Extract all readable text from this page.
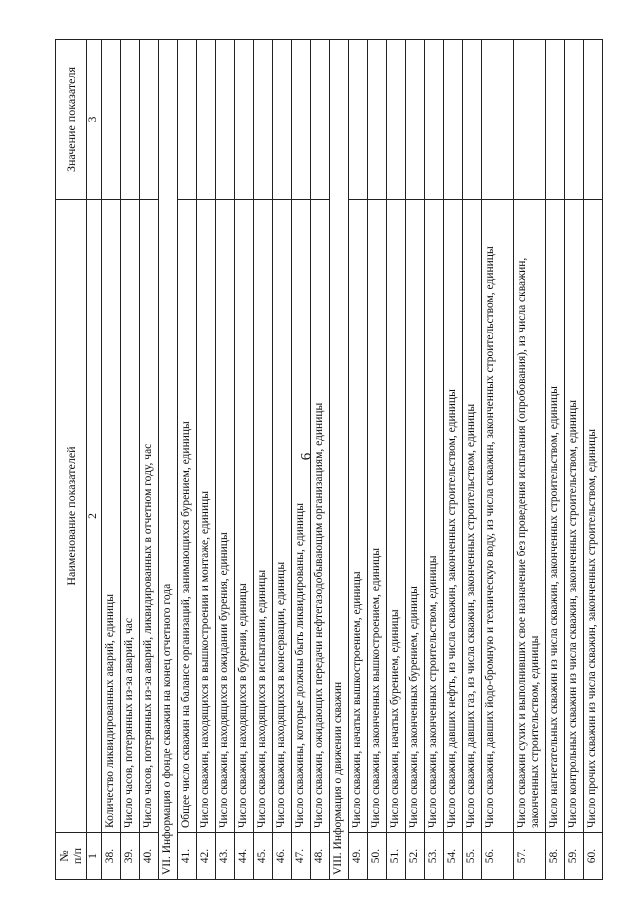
6
№
п/п	Наименование показателей	Значение показателя
1	2	3
38.	Количество ликвидированных аварий, единицы	
39.	Число часов, потерянных из-за аварий, час	
40.	Число часов, потерянных из-за аварий, ликвидированных в отчетном году, час	
VII. Информация о фонде скважин на конец отчетного года		
41.	Общее число скважин на балансе организаций, занимающихся бурением, единицы	
42.	Число скважин, находящихся в вышкостроении и монтаже, единицы	
43.	Число скважин, находящихся в ожидании бурения, единицы	
44.	Число скважин, находящихся в бурении, единицы	
45.	Число скважин, находящихся в испытании, единицы	
46.	Число скважин, находящихся в консервации, единицы	
47.	Число скважины, которые должны быть ликвидированы, единицы	
48.	Число скважин, ожидающих передачи нефтегазодобывающим организациям, единицы	
VIII. Информация о движении скважин		
49.	Число скважин, начатых вышкостроением, единицы	
50.	Число скважин, законченных вышкостроением, единицы	
51.	Число скважин, начатых бурением, единицы	
52.	Число скважин, законченных бурением, единицы	
53.	Число скважин, законченных строительством, единицы	
54.	Число скважин, давших нефть, из числа скважин, законченных строительством, единицы	
55.	Число скважин, давших газ, из числа скважин, законченных строительством, единицы	
56.	Число скважин, давших йодо-бромную и техническую воду, из числа скважин, законченных строительством, единицы	
57.	Число скважин сухих и выполнивших свое назначение без проведения испытания (опробования), из числа скважин, законченных строительством, единицы	
58.	Число нагнетательных скважин из числа скважин, законченных строительством, единицы	
59.	Число контрольных скважин из числа скважин, законченных строительством, единицы	
60.	Число прочих скважин из числа скважин, законченных строительством, единицы	
